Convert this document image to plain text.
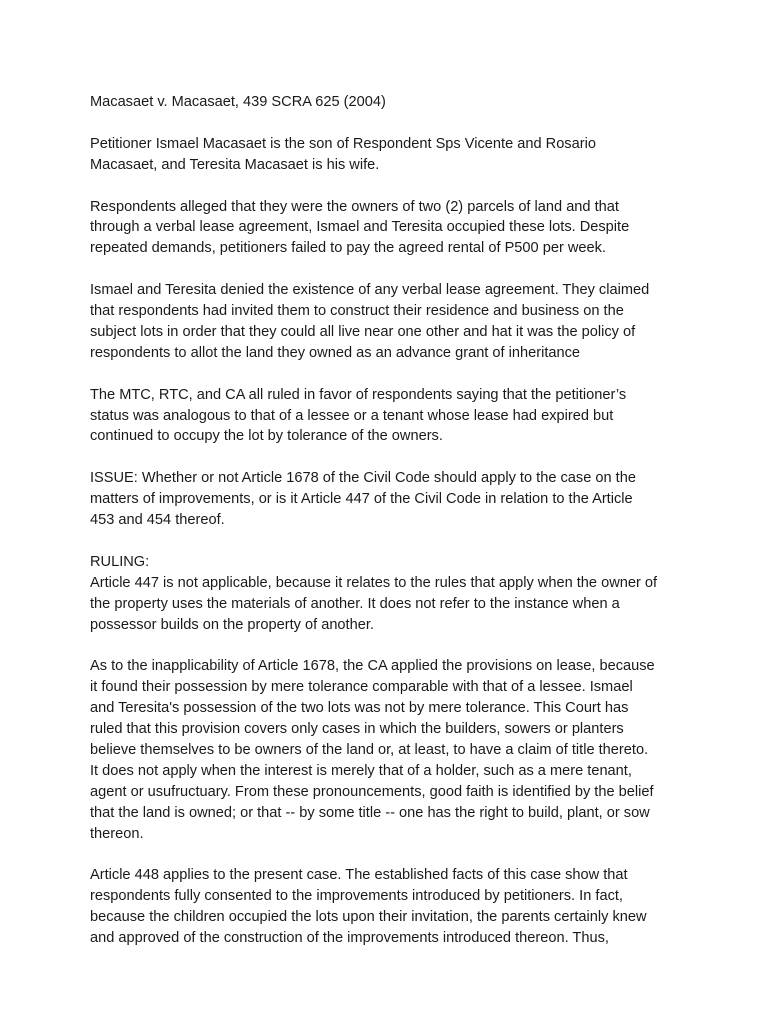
Macasaet v. Macasaet, 439 SCRA 625 (2004)

Petitioner Ismael Macasaet is the son of Respondent Sps Vicente and Rosario
Macasaet, and Teresita Macasaet is his wife.

Respondents alleged that they were the owners of two (2) parcels of land and that
through a verbal lease agreement, Ismael and Teresita occupied these lots. Despite
repeated demands, petitioners failed to pay the agreed rental of P500 per week.

Ismael and Teresita denied the existence of any verbal lease agreement. They claimed
that respondents had invited them to construct their residence and business on the
subject lots in order that they could all live near one other and hat it was the policy of
respondents to allot the land they owned as an advance grant of inheritance

The MTC, RTC, and CA all ruled in favor of respondents saying that the petitioner’s
status was analogous to that of a lessee or a tenant whose lease had expired but
continued to occupy the lot by tolerance of the owners.

ISSUE: Whether or not Article 1678 of the Civil Code should apply to the case on the
matters of improvements, or is it Article 447 of the Civil Code in relation to the Article
453 and 454 thereof.

RULING:

Article 447 is not applicable, because it relates to the rules that apply when the owner of
the property uses the materials of another. It does not refer to the instance when a
possessor builds on the property of another.

As to the inapplicability of Article 1678, the CA applied the provisions on lease, because
it found their possession by mere tolerance comparable with that of a lessee. Ismael
and Teresita's possession of the two lots was not by mere tolerance. This Court has
ruled that this provision covers only cases in which the builders, sowers or planters
believe themselves to be owners of the land or, at least, to have a claim of title thereto.
It does not apply when the interest is merely that of a holder, such as a mere tenant,
agent or usufructuary. From these pronouncements, good faith is identified by the belief
that the land is owned; or that -- by some title -- one has the right to build, plant, or sow
thereon.

Article 448 applies to the present case. The established facts of this case show that
respondents fully consented to the improvements introduced by petitioners. In fact,
because the children occupied the lots upon their invitation, the parents certainly knew
and approved of the construction of the improvements introduced thereon. Thus,
